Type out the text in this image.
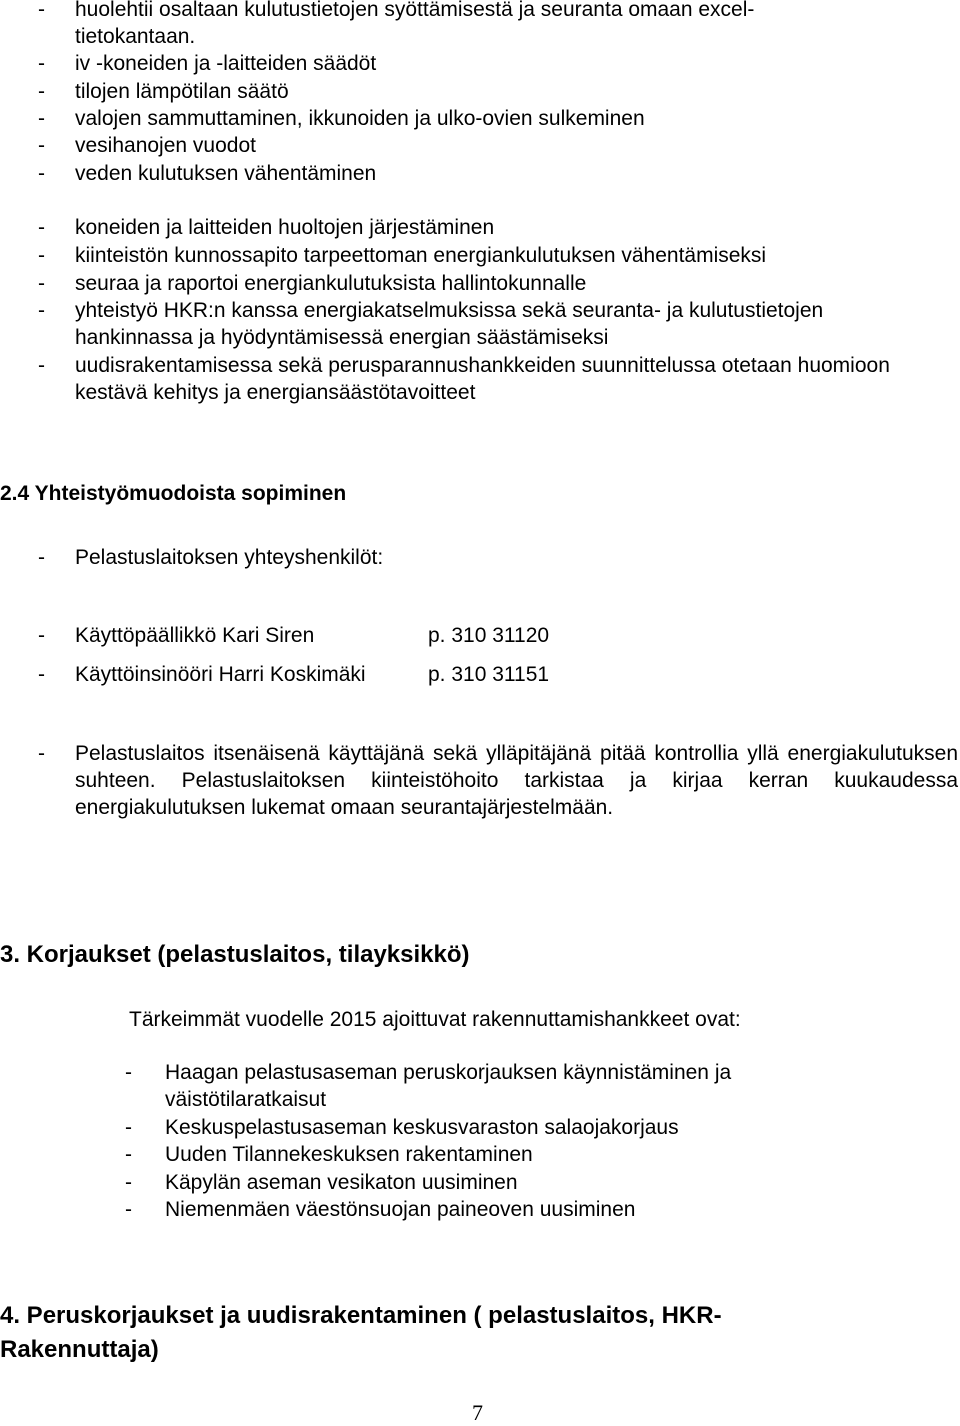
- huolehtii osaltaan kulutustietojen syöttämisestä ja seuranta omaan excel-tietokantaan.
- iv -koneiden ja -laitteiden säädöt
- tilojen lämpötilan säätö
- valojen sammuttaminen, ikkunoiden ja ulko-ovien sulkeminen
- vesihanojen vuodot
- veden kulutuksen vähentäminen
- koneiden ja laitteiden huoltojen järjestäminen
- kiinteistön kunnossapito tarpeettoman energiankulutuksen vähentämiseksi
- seuraa ja raportoi energiankulutuksista hallintokunnalle
- yhteistyö HKR:n kanssa energiakatselmuksissa sekä seuranta- ja kulutustietojen hankinnassa ja hyödyntämisessä energian säästämiseksi
- uudisrakentamisessa sekä perusparannushankkeiden suunnittelussa otetaan huomioon kestävä kehitys ja energiansäästötavoitteet
2.4 Yhteistyömuodoista sopiminen
- Pelastuslaitoksen yhteyshenkilöt:
- Käyttöpäällikkö Kari Siren	p. 310 31120
- Käyttöinsinööri Harri Koskimäki	p. 310 31151
- Pelastuslaitos itsenäisenä käyttäjänä sekä ylläpitäjänä pitää kontrollia yllä energiakulutuksen suhteen. Pelastuslaitoksen kiinteistöhoito tarkistaa ja kirjaa kerran kuukaudessa energiakulutuksen lukemat omaan seurantajärjestelmään.
3. Korjaukset (pelastuslaitos, tilayksikkö)
Tärkeimmät vuodelle 2015 ajoittuvat rakennuttamishankkeet ovat:
- Haagan pelastusaseman peruskorjauksen käynnistäminen ja väistötilaratkaisut
- Keskuspelastusaseman keskusvaraston salaojakorjaus
- Uuden Tilannekeskuksen rakentaminen
- Käpylän aseman vesikaton uusiminen
- Niemenmäen väestönsuojan paineoven uusiminen
4. Peruskorjaukset ja uudisrakentaminen ( pelastuslaitos, HKR-Rakennuttaja)
7
